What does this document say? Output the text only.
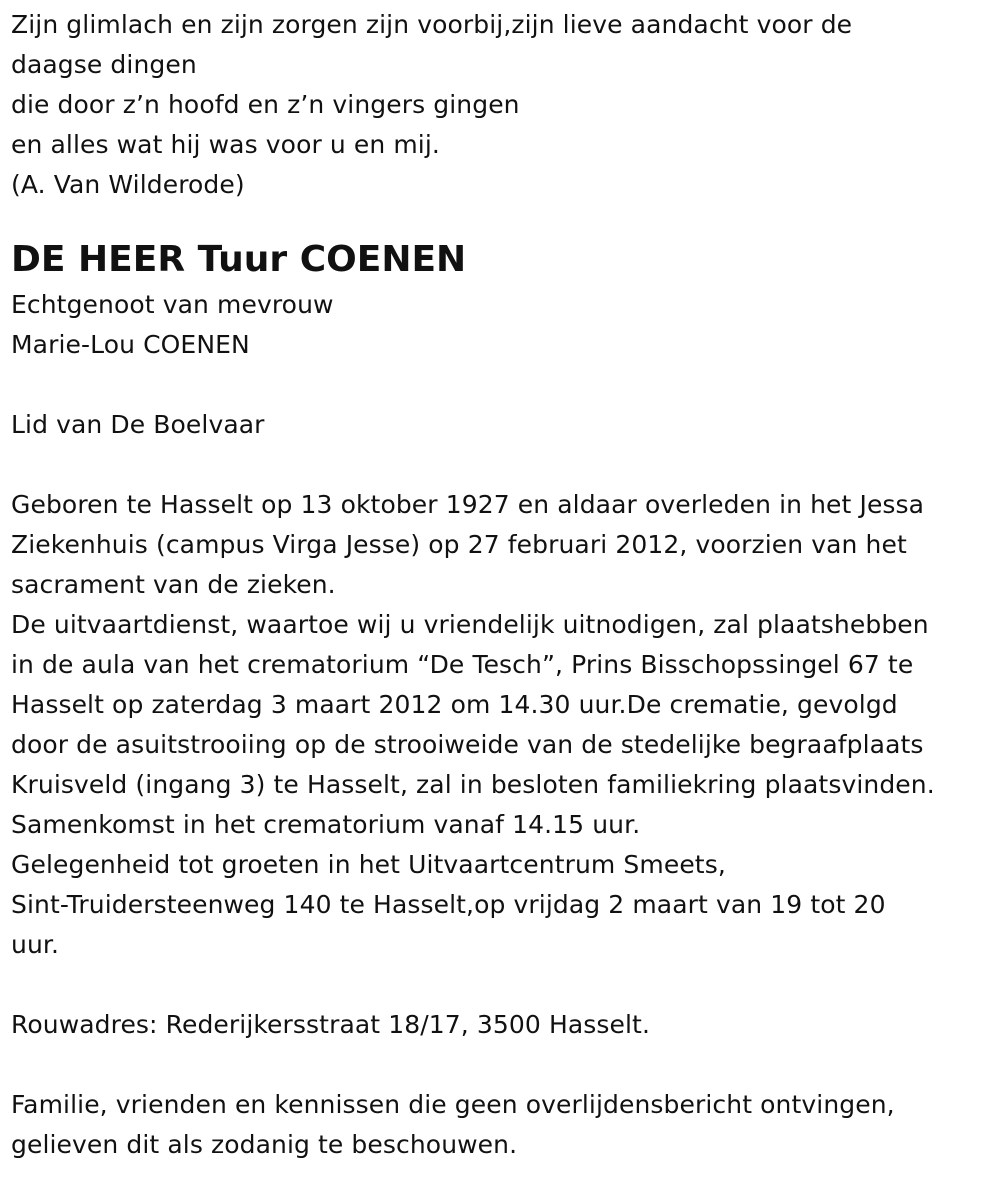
Zijn glimlach en zijn zorgen zijn voorbij,zijn lieve aandacht voor de
daagse dingen
die door z’n hoofd en z’n vingers gingen
en alles wat hij was voor u en mij.
(A. Van Wilderode)
DE HEER Tuur COENEN
Echtgenoot van mevrouw
Marie-Lou COENEN
Lid van De Boelvaar
Geboren te Hasselt op 13 oktober 1927 en aldaar overleden in het Jessa
Ziekenhuis (campus Virga Jesse) op 27 februari 2012, voorzien van het
sacrament van de zieken.
De uitvaartdienst, waartoe wij u vriendelijk uitnodigen, zal plaatshebben
in de aula van het crematorium “De Tesch”, Prins Bisschopssingel 67 te
Hasselt op zaterdag 3 maart 2012 om 14.30 uur.De crematie, gevolgd
door de asuitstrooiing op de strooiweide van de stedelijke begraafplaats
Kruisveld (ingang 3) te Hasselt, zal in besloten familiekring plaatsvinden.
Samenkomst in het crematorium vanaf 14.15 uur.
Gelegenheid tot groeten in het Uitvaartcentrum Smeets,
Sint-Truidersteenweg 140 te Hasselt,op vrijdag 2 maart van 19 tot 20
uur.
Rouwadres: Rederijkersstraat 18/17, 3500 Hasselt.
Familie, vrienden en kennissen die geen overlijdensbericht ontvingen,
gelieven dit als zodanig te beschouwen.
